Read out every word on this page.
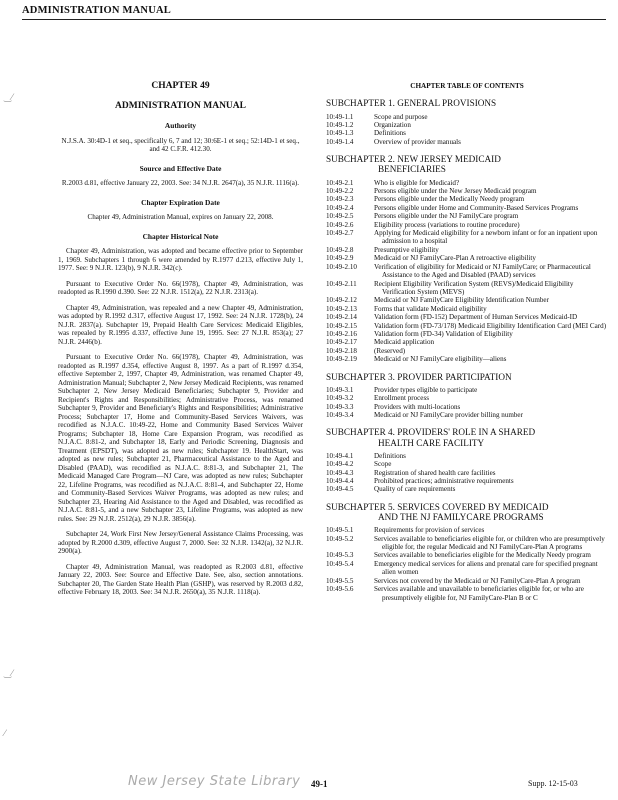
ADMINISTRATION MANUAL
‿⁄
‿⁄
⁄
CHAPTER 49
ADMINISTRATION MANUAL
Authority
N.J.S.A. 30:4D-1 et seq., specifically 6, 7 and 12; 30:6E-1 et seq.; 52:14D-1 et seq., and 42 C.F.R. 412.30.
Source and Effective Date
R.2003 d.81, effective January 22, 2003. See: 34 N.J.R. 2647(a), 35 N.J.R. 1116(a).
Chapter Expiration Date
Chapter 49, Administration Manual, expires on January 22, 2008.
Chapter Historical Note
Chapter 49, Administration, was adopted and became effective prior to September 1, 1969. Subchapters 1 through 6 were amended by R.1977 d.213, effective July 1, 1977. See: 9 N.J.R. 123(b), 9 N.J.R. 342(c).
Pursuant to Executive Order No. 66(1978), Chapter 49, Administration, was readopted as R.1990 d.390. See: 22 N.J.R. 1512(a), 22 N.J.R. 2313(a).
Chapter 49, Administration, was repealed and a new Chapter 49, Administration, was adopted by R.1992 d.317, effective August 17, 1992. See: 24 N.J.R. 1728(b), 24 N.J.R. 2837(a). Subchapter 19, Prepaid Health Care Services: Medicaid Eligibles, was repealed by R.1995 d.337, effective June 19, 1995. See: 27 N.J.R. 853(a); 27 N.J.R. 2446(b).
Pursuant to Executive Order No. 66(1978), Chapter 49, Administration, was readopted as R.1997 d.354, effective August 8, 1997. As a part of R.1997 d.354, effective September 2, 1997, Chapter 49, Administration, was renamed Chapter 49, Administration Manual; Subchapter 2, New Jersey Medicaid Recipients, was renamed Subchapter 2, New Jersey Medicaid Beneficiaries; Subchapter 9, Provider and Recipient's Rights and Responsibilities; Administrative Process, was renamed Subchapter 9, Provider and Beneficiary's Rights and Responsibilities; Administrative Process; Subchapter 17, Home and Community-Based Services Waivers, was recodified as N.J.A.C. 10:49-22, Home and Community Based Services Waiver Programs; Subchapter 18, Home Care Expansion Program, was recodified as N.J.A.C. 8:81-2, and Subchapter 18, Early and Periodic Screening, Diagnosis and Treatment (EPSDT), was adopted as new rules; Subchapter 19. HealthStart, was adopted as new rules; Subchapter 21, Pharmaceutical Assistance to the Aged and Disabled (PAAD), was recodified as N.J.A.C. 8:81-3, and Subchapter 21, The Medicaid Managed Care Program—NJ Care, was adopted as new rules; Subchapter 22, Lifeline Programs, was recodified as N.J.A.C. 8:81-4, and Subchapter 22, Home and Community-Based Services Waiver Programs, was adopted as new rules; and Subchapter 23, Hearing Aid Assistance to the Aged and Disabled, was recodified as N.J.A.C. 8:81-5, and a new Subchapter 23, Lifeline Programs, was adopted as new rules. See: 29 N.J.R. 2512(a), 29 N.J.R. 3856(a).
Subchapter 24, Work First New Jersey/General Assistance Claims Processing, was adopted by R.2000 d.309, effective August 7, 2000. See: 32 N.J.R. 1342(a), 32 N.J.R. 2900(a).
Chapter 49, Administration Manual, was readopted as R.2003 d.81, effective January 22, 2003. See: Source and Effective Date. See, also, section annotations. Subchapter 20, The Garden State Health Plan (GSHP), was reserved by R.2003 d.82, effective February 18, 2003. See: 34 N.J.R. 2650(a), 35 N.J.R. 1118(a).
CHAPTER TABLE OF CONTENTS
SUBCHAPTER 1. GENERAL PROVISIONS
10:49-1.1	Scope and purpose
10:49-1.2	Organization
10:49-1.3	Definitions
10:49-1.4	Overview of provider manuals
SUBCHAPTER 2. NEW JERSEY MEDICAID
BENEFICIARIES
10:49-2.1	Who is eligible for Medicaid?
10:49-2.2	Persons eligible under the New Jersey Medicaid program
10:49-2.3	Persons eligible under the Medically Needy program
10:49-2.4	Persons eligible under Home and Community-Based Services Programs
10:49-2.5	Persons eligible under the NJ FamilyCare program
10:49-2.6	Eligibility process (variations to routine procedure)
10:49-2.7	Applying for Medicaid eligibility for a newborn infant or for an inpatient upon admission to a hospital
10:49-2.8	Presumptive eligibility
10:49-2.9	Medicaid or NJ FamilyCare-Plan A retroactive eligibility
10:49-2.10	Verification of eligibility for Medicaid or NJ FamilyCare; or Pharmaceutical Assistance to the Aged and Disabled (PAAD) services
10:49-2.11	Recipient Eligibility Verification System (REVS)/Medicaid Eligibility Verification System (MEVS)
10:49-2.12	Medicaid or NJ FamilyCare Eligibility Identification Number
10:49-2.13	Forms that validate Medicaid eligibility
10:49-2.14	Validation form (FD-152) Department of Human Services Medicaid-ID
10:49-2.15	Validation form (FD-73/178) Medicaid Eligibility Identification Card (MEI Card)
10:49-2.16	Validation form (FD-34) Validation of Eligibility
10:49-2.17	Medicaid application
10:49-2.18	(Reserved)
10:49-2.19	Medicaid or NJ FamilyCare eligibility—aliens
SUBCHAPTER 3. PROVIDER PARTICIPATION
10:49-3.1	Provider types eligible to participate
10:49-3.2	Enrollment process
10:49-3.3	Providers with multi-locations
10:49-3.4	Medicaid or NJ FamilyCare provider billing number
SUBCHAPTER 4. PROVIDERS' ROLE IN A SHARED
HEALTH CARE FACILITY
10:49-4.1	Definitions
10:49-4.2	Scope
10:49-4.3	Registration of shared health care facilities
10:49-4.4	Prohibited practices; administrative requirements
10:49-4.5	Quality of care requirements
SUBCHAPTER 5. SERVICES COVERED BY MEDICAID
AND THE NJ FAMILYCARE PROGRAMS
10:49-5.1	Requirements for provision of services
10:49-5.2	Services available to beneficiaries eligible for, or children who are presumptively eligible for, the regular Medicaid and NJ FamilyCare-Plan A programs
10:49-5.3	Services available to beneficiaries eligible for the Medically Needy program
10:49-5.4	Emergency medical services for aliens and prenatal care for specified pregnant alien women
10:49-5.5	Services not covered by the Medicaid or NJ FamilyCare-Plan A program
10:49-5.6	Services available and unavailable to beneficiaries eligible for, or who are presumptively eligible for, NJ FamilyCare-Plan B or C
New Jersey State Library 49-1	Supp. 12-15-03
